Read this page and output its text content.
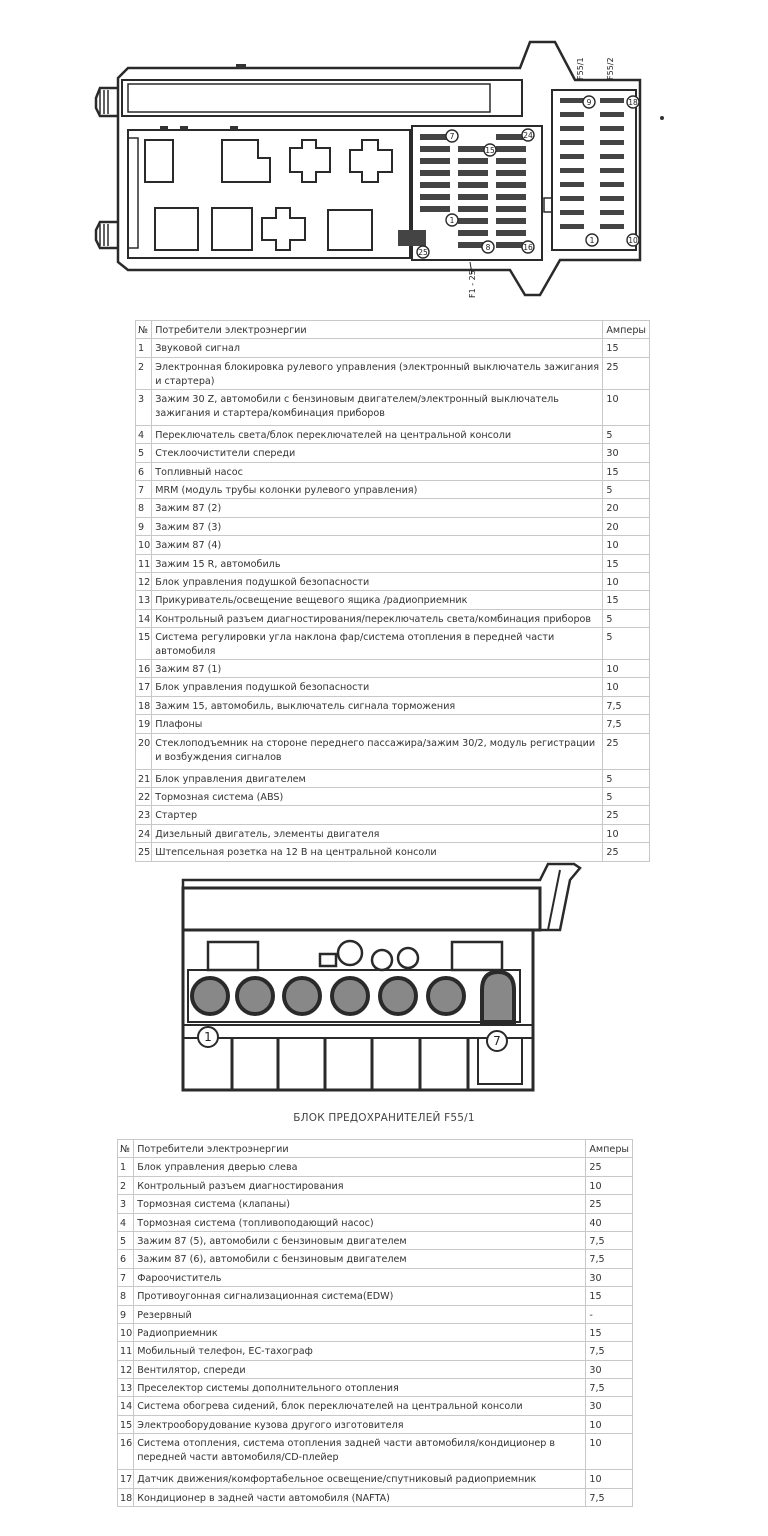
7	24
15
1
25
8	16
9	18
1	10
F55/1	F55/2
F1 - 25
№	Потребители электроэнергии	Амперы
1	Звуковой сигнал	15
2	Электронная блокировка рулевого управления (электронный выключатель зажигания и стартера)	25
3	Зажим 30 Z, автомобили с бензиновым двигателем/электронный выключатель зажигания и стартера/комбинация приборов	10
4	Переключатель света/блок переключателей на центральной консоли	5
5	Стеклоочистители спереди	30
6	Топливный насос	15
7	MRM (модуль трубы колонки рулевого управления)	5
8	Зажим 87 (2)	20
9	Зажим 87 (3)	20
10	Зажим 87 (4)	10
11	Зажим 15 R, автомобиль	15
12	Блок управления подушкой безопасности	10
13	Прикуриватель/освещение вещевого ящика /радиоприемник	15
14	Контрольный разъем диагностирования/переключатель света/комбинация приборов	5
15	Система регулировки угла наклона фар/система отопления в передней части автомобиля	5
16	Зажим 87 (1)	10
17	Блок управления подушкой безопасности	10
18	Зажим 15, автомобиль, выключатель сигнала торможения	7,5
19	Плафоны	7,5
20	Стеклоподъемник на стороне переднего пассажира/зажим 30/2, модуль регистрации и возбуждения сигналов	25
21	Блок управления двигателем	5
22	Тормозная система (ABS)	5
23	Стартер	25
24	Дизельный двигатель, элементы двигателя	10
25	Штепсельная розетка на 12 В на центральной консоли	25
1	7
БЛОК ПРЕДОХРАНИТЕЛЕЙ F55/1
№	Потребители электроэнергии	Амперы
1	Блок управления дверью слева	25
2	Контрольный разъем диагностирования	10
3	Тормозная система (клапаны)	25
4	Тормозная система (топливоподающий насос)	40
5	Зажим 87 (5), автомобили с бензиновым двигателем	7,5
6	Зажим 87 (6), автомобили с бензиновым двигателем	7,5
7	Фароочиститель	30
8	Противоугонная сигнализационная система(EDW)	15
9	Резервный	-
10	Радиоприемник	15
11	Мобильный телефон, ЕС-тахограф	7,5
12	Вентилятор, спереди	30
13	Преселектор системы дополнительного отопления	7,5
14	Система обогрева сидений, блок переключателей на центральной консоли	30
15	Электрооборудование кузова другого изготовителя	10
16	Система отопления, система отопления задней части автомобиля/кондиционер в передней части автомобиля/CD-плейер	10
17	Датчик движения/комфортабельное освещение/спутниковый радиоприемник	10
18	Кондиционер в задней части автомобиля (NAFTA)	7,5
